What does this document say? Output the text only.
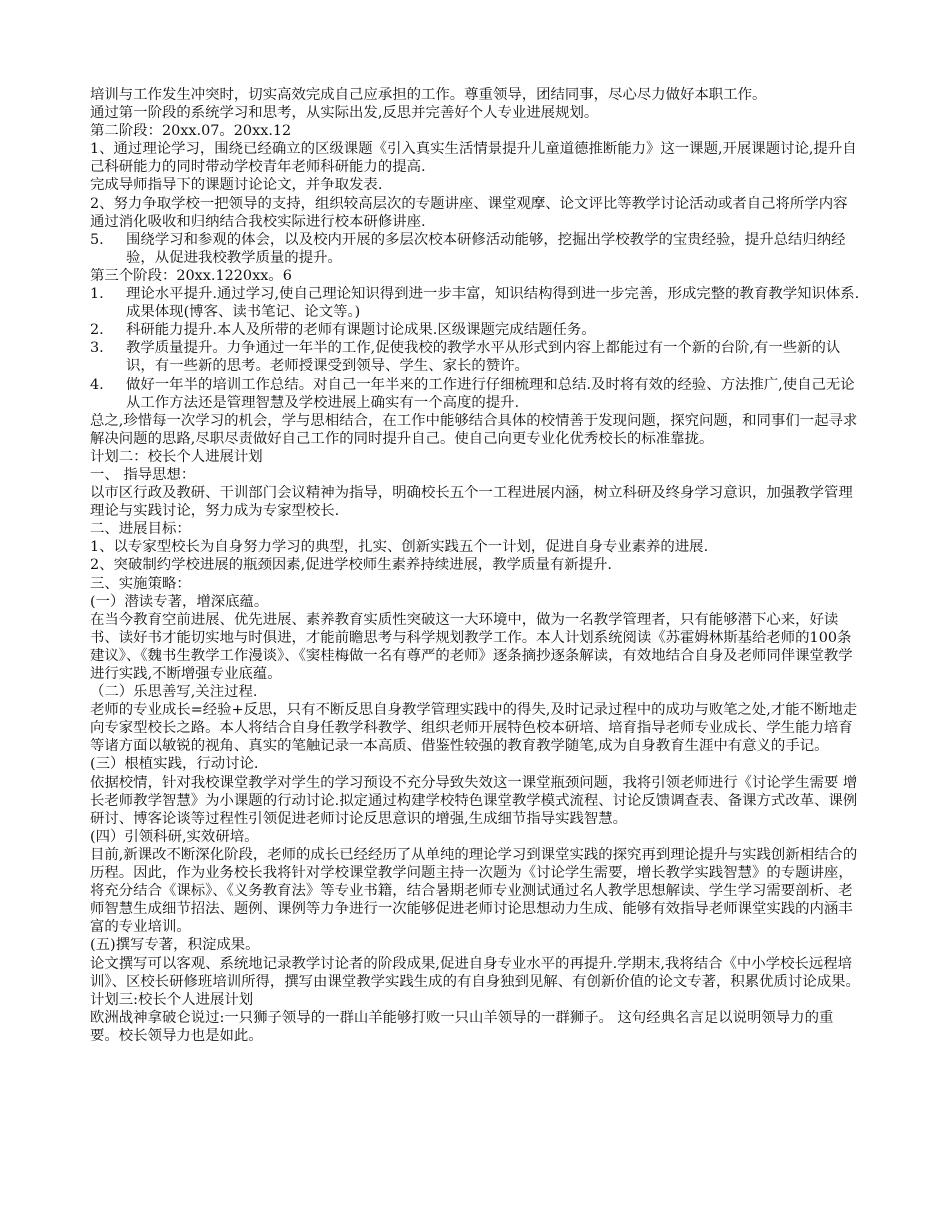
培训与工作发生冲突时，切实高效完成自己应承担的工作。尊重领导，团结同事，尽心尽力做好本职工作。

通过第一阶段的系统学习和思考，从实际出发,反思并完善好个人专业进展规划。

第二阶段：20xx.07。20xx.12

1、通过理论学习，围绕已经确立的区级课题《引入真实生活情景提升儿童道德推断能力》这一课题,开展课题讨论,提升自己科研能力的同时带动学校青年老师科研能力的提高.

完成导师指导下的课题讨论论文，并争取发表.

2、努力争取学校一把领导的支持，组织较高层次的专题讲座、课堂观摩、论文评比等教学讨论活动或者自己将所学内容通过消化吸收和归纳结合我校实际进行校本研修讲座.

5.	围绕学习和参观的体会，以及校内开展的多层次校本研修活动能够，挖掘出学校教学的宝贵经验，提升总结归纳经验，从促进我校教学质量的提升。

第三个阶段：20xx.1220xx。6

1.	理论水平提升.通过学习,使自己理论知识得到进一步丰富，知识结构得到进一步完善，形成完整的教育教学知识体系.成果体现(博客、读书笔记、论文等。)
2.	科研能力提升.本人及所带的老师有课题讨论成果.区级课题完成结题任务。
3.	教学质量提升。力争通过一年半的工作,促使我校的教学水平从形式到内容上都能过有一个新的台阶,有一些新的认识，有一些新的思考。老师授课受到领导、学生、家长的赞许。
4.	做好一年半的培训工作总结。对自己一年半来的工作进行仔细梳理和总结.及时将有效的经验、方法推广,使自己无论从工作方法还是管理智慧及学校进展上确实有一个高度的提升.

总之,珍惜每一次学习的机会，学与思相结合，在工作中能够结合具体的校情善于发现问题，探究问题，和同事们一起寻求解决问题的思路,尽职尽责做好自己工作的同时提升自己。使自己向更专业化优秀校长的标准靠拢。

计划二：校长个人进展计划

一、 指导思想：

以市区行政及教研、干训部门会议精神为指导，明确校长五个一工程进展内涵，树立科研及终身学习意识，加强教学管理理论与实践讨论，努力成为专家型校长.

二、进展目标：

1、以专家型校长为自身努力学习的典型，扎实、创新实践五个一计划，促进自身专业素养的进展.

2、突破制约学校进展的瓶颈因素,促进学校师生素养持续进展，教学质量有新提升.

三、实施策略：

(一）潜读专著，增深底蕴。

在当今教育空前进展、优先进展、素养教育实质性突破这一大环境中，做为一名教学管理者，只有能够潜下心来，好读书、读好书才能切实地与时俱进，才能前瞻思考与科学规划教学工作。本人计划系统阅读《苏霍姆林斯基给老师的100条建议》、《魏书生教学工作漫谈》、《窦桂梅做一名有尊严的老师》逐条摘抄逐条解读，有效地结合自身及老师同伴课堂教学进行实践,不断增强专业底蕴。

（二）乐思善写,关注过程.

老师的专业成长=经验+反思，只有不断反思自身教学管理实践中的得失,及时记录过程中的成功与败笔之处,才能不断地走向专家型校长之路。本人将结合自身任教学科教学、组织老师开展特色校本研培、培育指导老师专业成长、学生能力培育等诸方面以敏锐的视角、真实的笔触记录一本高质、借鉴性较强的教育教学随笔,成为自身教育生涯中有意义的手记。

(三）根植实践，行动讨论.

依据校情，针对我校课堂教学对学生的学习预设不充分导致失效这一课堂瓶颈问题，我将引领老师进行《讨论学生需要 增长老师教学智慧》为小课题的行动讨论.拟定通过构建学校特色课堂教学模式流程、讨论反馈调查表、备课方式改革、课例研讨、博客论谈等过程性引领促进老师讨论反思意识的增强,生成细节指导实践智慧。

(四）引领科研,实效研培。

目前,新课改不断深化阶段，老师的成长已经经历了从单纯的理论学习到课堂实践的探究再到理论提升与实践创新相结合的历程。因此，作为业务校长我将针对学校课堂教学问题主持一次题为《讨论学生需要，增长教学实践智慧》的专题讲座，将充分结合《课标》、《义务教育法》等专业书籍，结合暑期老师专业测试通过名人教学思想解读、学生学习需要剖析、老师智慧生成细节招法、题例、课例等力争进行一次能够促进老师讨论思想动力生成、能够有效指导老师课堂实践的内涵丰富的专业培训。

(五)撰写专著，积淀成果。

论文撰写可以客观、系统地记录教学讨论者的阶段成果,促进自身专业水平的再提升.学期末,我将结合《中小学校长远程培训》、区校长研修班培训所得，撰写由课堂教学实践生成的有自身独到见解、有创新价值的论文专著，积累优质讨论成果。

计划三:校长个人进展计划

欧洲战神拿破仑说过:一只狮子领导的一群山羊能够打败一只山羊领导的一群狮子。 这句经典名言足以说明领导力的重要。校长领导力也是如此。
